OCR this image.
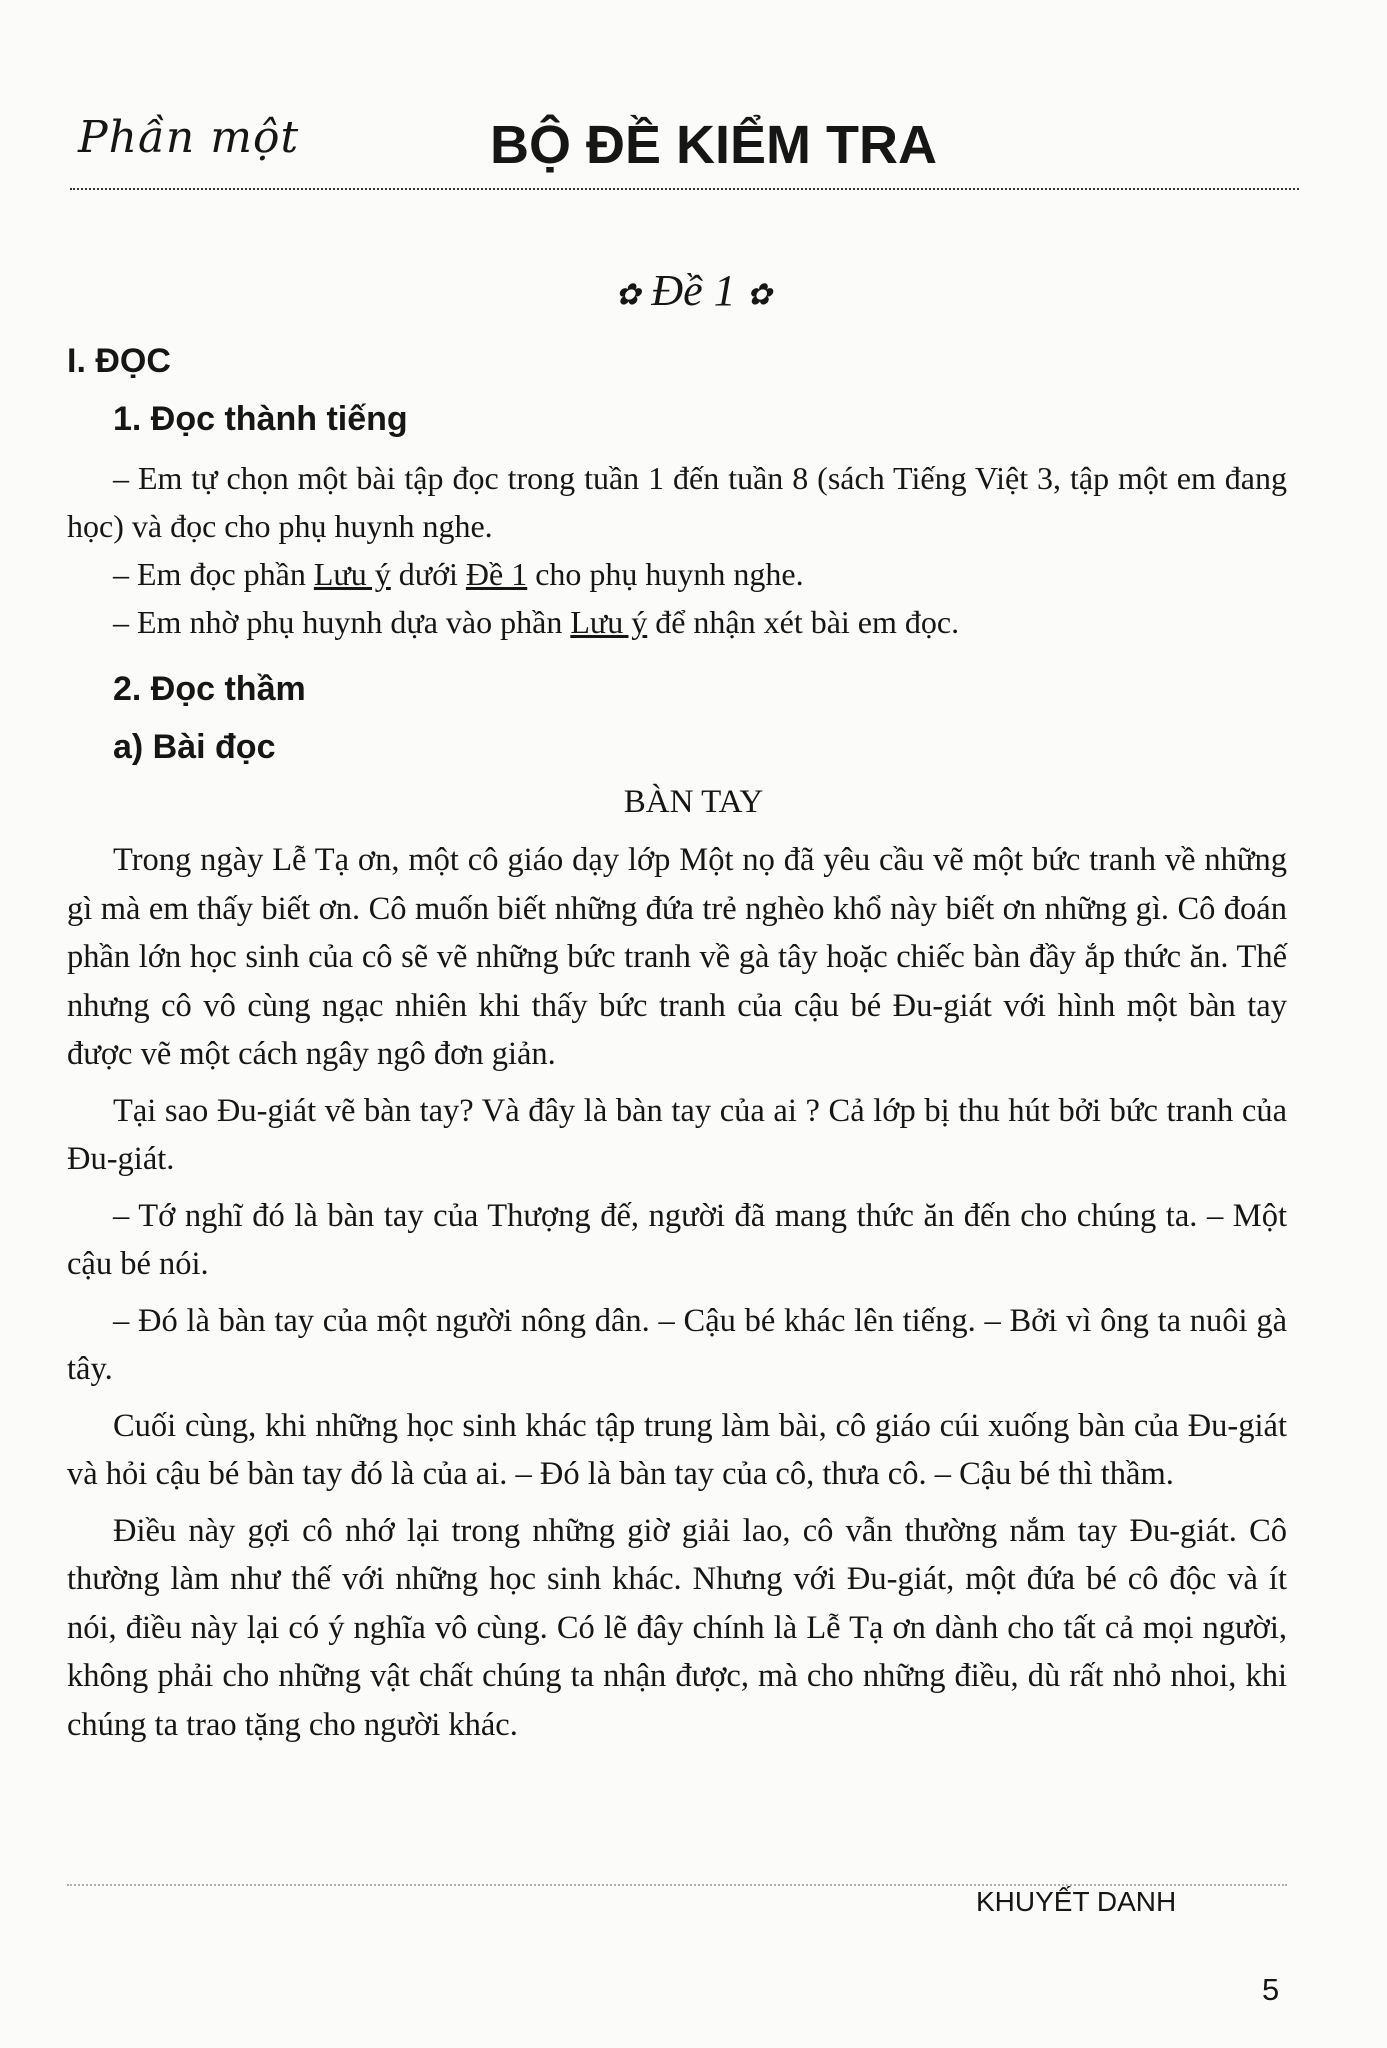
Phần một	BỘ ĐỀ KIỂM TRA
✿ Đề 1 ✿
I. ĐỌC
1. Đọc thành tiếng

– Em tự chọn một bài tập đọc trong tuần 1 đến tuần 8 (sách Tiếng Việt 3, tập một em đang học) và đọc cho phụ huynh nghe.

– Em đọc phần Lưu ý dưới Đề 1 cho phụ huynh nghe.

– Em nhờ phụ huynh dựa vào phần Lưu ý để nhận xét bài em đọc.

2. Đọc thầm
a) Bài đọc
BÀN TAY

Trong ngày Lễ Tạ ơn, một cô giáo dạy lớp Một nọ đã yêu cầu vẽ một bức tranh về những gì mà em thấy biết ơn. Cô muốn biết những đứa trẻ nghèo khổ này biết ơn những gì. Cô đoán phần lớn học sinh của cô sẽ vẽ những bức tranh về gà tây hoặc chiếc bàn đầy ắp thức ăn. Thế nhưng cô vô cùng ngạc nhiên khi thấy bức tranh của cậu bé Đu-giát với hình một bàn tay được vẽ một cách ngây ngô đơn giản.

Tại sao Đu-giát vẽ bàn tay? Và đây là bàn tay của ai ? Cả lớp bị thu hút bởi bức tranh của Đu-giát.

– Tớ nghĩ đó là bàn tay của Thượng đế, người đã mang thức ăn đến cho chúng ta. – Một cậu bé nói.

– Đó là bàn tay của một người nông dân. – Cậu bé khác lên tiếng. – Bởi vì ông ta nuôi gà tây.

Cuối cùng, khi những học sinh khác tập trung làm bài, cô giáo cúi xuống bàn của Đu-giát và hỏi cậu bé bàn tay đó là của ai. – Đó là bàn tay của cô, thưa cô. – Cậu bé thì thầm.

Điều này gợi cô nhớ lại trong những giờ giải lao, cô vẫn thường nắm tay Đu-giát. Cô thường làm như thế với những học sinh khác. Nhưng với Đu-giát, một đứa bé cô độc và ít nói, điều này lại có ý nghĩa vô cùng. Có lẽ đây chính là Lễ Tạ ơn dành cho tất cả mọi người, không phải cho những vật chất chúng ta nhận được, mà cho những điều, dù rất nhỏ nhoi, khi chúng ta trao tặng cho người khác.

KHUYẾT DANH
5
